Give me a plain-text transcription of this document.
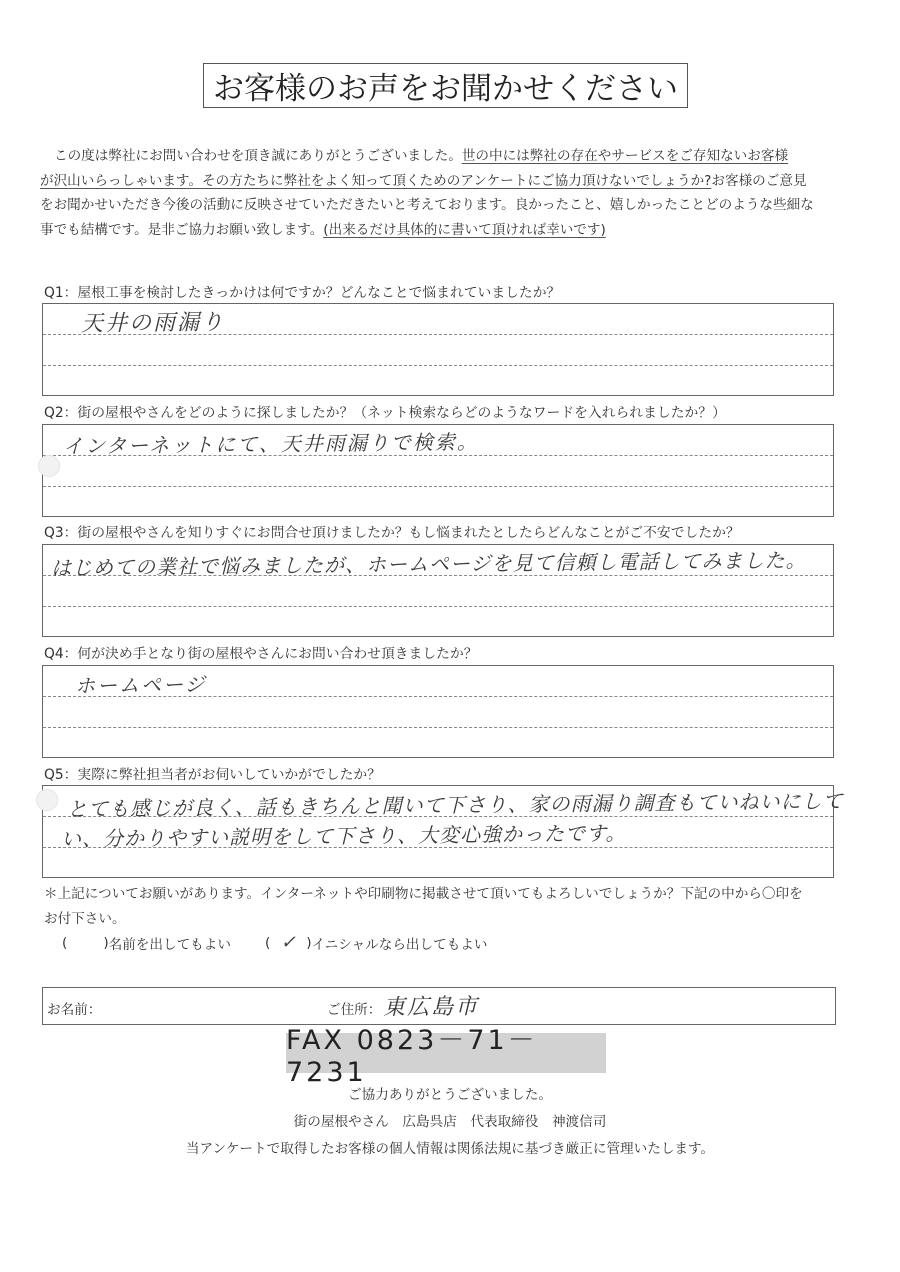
お客様のお声をお聞かせください
この度は弊社にお問い合わせを頂き誠にありがとうございました。世の中には弊社の存在やサービスをご存知ないお客様
が沢山いらっしゃいます。その方たちに弊社をよく知って頂くためのアンケートにご協力頂けないでしょうか?お客様のご意見
をお聞かせいただき今後の活動に反映させていただきたいと考えております。良かったこと、嬉しかったことどのような些細な
事でも結構です。是非ご協力お願い致します。(出来るだけ具体的に書いて頂ければ幸いです)
Q1：屋根工事を検討したきっかけは何ですか？どんなことで悩まれていましたか？
天井の雨漏り
Q2：街の屋根やさんをどのように探しましたか？（ネット検索ならどのようなワードを入れられましたか？）
インターネットにて、天井雨漏りで検索。
Q3：街の屋根やさんを知りすぐにお問合せ頂けましたか？もし悩まれたとしたらどんなことがご不安でしたか？
はじめての業社で悩みましたが、ホームページを見て信頼し電話してみました。
Q4：何が決め手となり街の屋根やさんにお問い合わせ頂きましたか？
ホームページ
Q5：実際に弊社担当者がお伺いしていかがでしたか？
とても感じが良く、話もきちんと聞いて下さり、家の雨漏り調査もていねいにして
い、分かりやすい説明をして下さり、大変心強かったです。
＊上記についてお願いがあります。インターネットや印刷物に掲載させて頂いてもよろしいでしょうか？下記の中から〇印を
お付下さい。
(	) 名前を出してもよい	( ✓ ) イニシャルなら出してもよい
お名前：	ご住所： 東広島市
FAX 0823－71－7231
ご協力ありがとうございました。
街の屋根やさん　広島呉店　代表取締役　神渡信司
当アンケートで取得したお客様の個人情報は関係法規に基づき厳正に管理いたします。
